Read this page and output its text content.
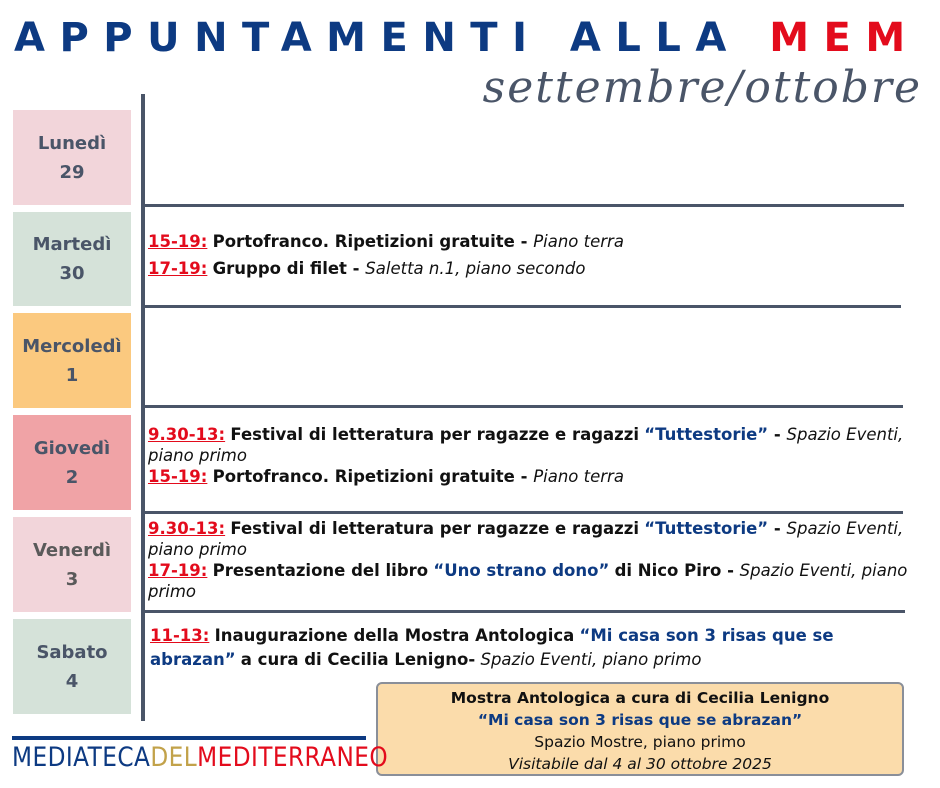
APPUNTAMENTI ALLA MEM
settembre/ottobre
Lunedì
29
Martedì
30
Mercoledì
1
Giovedì
2
Venerdì
3
Sabato
4

15-19: Portofranco. Ripetizioni gratuite - Piano terra

17-19: Gruppo di filet - Saletta n.1, piano secondo

9.30-13: Festival di letteratura per ragazze e ragazzi “Tuttestorie” - Spazio Eventi, piano primo

15-19: Portofranco. Ripetizioni gratuite - Piano terra

9.30-13: Festival di letteratura per ragazze e ragazzi “Tuttestorie” - Spazio Eventi, piano primo

17-19: Presentazione del libro “Uno strano dono” di Nico Piro - Spazio Eventi, piano primo

11-13: Inaugurazione della Mostra Antologica “Mi casa son 3 risas que se abrazan” a cura di Cecilia Lenigno- Spazio Eventi, piano primo

Mostra Antologica a cura di Cecilia Lenigno
“Mi casa son 3 risas que se abrazan”
Spazio Mostre, piano primo
Visitabile dal 4 al 30 ottobre 2025
MEDIATECADELMEDITERRANEO
